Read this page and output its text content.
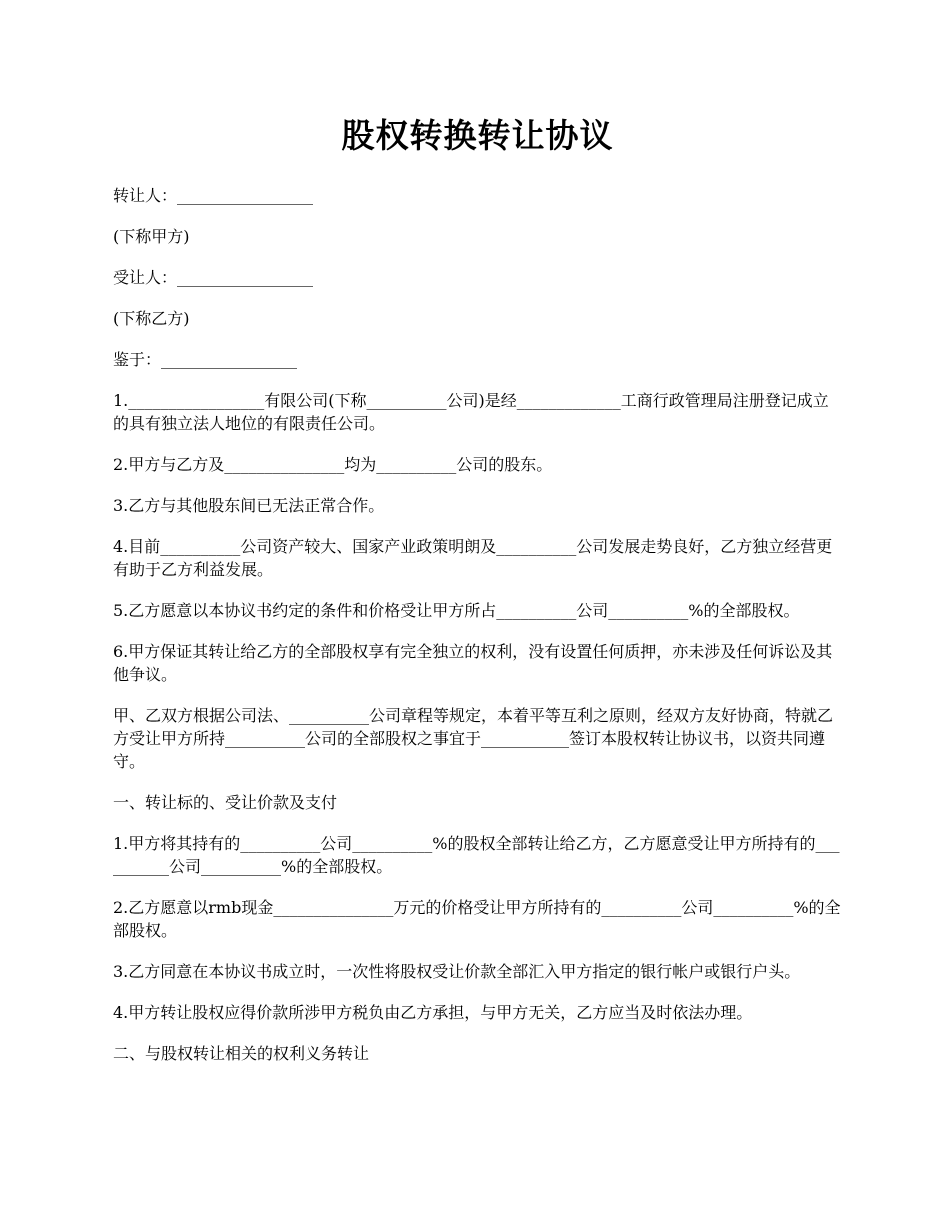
股权转换转让协议

转让人：_________________

(下称甲方)

受让人：_________________

(下称乙方)

鉴于：_________________

1._________________有限公司(下称__________公司)是经_____________工商行政管理局注册登记成立的具有独立法人地位的有限责任公司。

2.甲方与乙方及_______________均为__________公司的股东。

3.乙方与其他股东间已无法正常合作。

4.目前__________公司资产较大、国家产业政策明朗及__________公司发展走势良好，乙方独立经营更有助于乙方利益发展。

5.乙方愿意以本协议书约定的条件和价格受让甲方所占__________公司__________%的全部股权。

6.甲方保证其转让给乙方的全部股权享有完全独立的权利，没有设置任何质押，亦未涉及任何诉讼及其他争议。

甲、乙双方根据公司法、__________公司章程等规定，本着平等互利之原则，经双方友好协商，特就乙方受让甲方所持__________公司的全部股权之事宜于___________签订本股权转让协议书，以资共同遵守。

一、转让标的、受让价款及支付

1.甲方将其持有的__________公司__________%的股权全部转让给乙方，乙方愿意受让甲方所持有的__________公司__________%的全部股权。

2.乙方愿意以rmb现金_______________万元的价格受让甲方所持有的__________公司__________%的全部股权。

3.乙方同意在本协议书成立时，一次性将股权受让价款全部汇入甲方指定的银行帐户或银行户头。

4.甲方转让股权应得价款所涉甲方税负由乙方承担，与甲方无关，乙方应当及时依法办理。

二、与股权转让相关的权利义务转让
